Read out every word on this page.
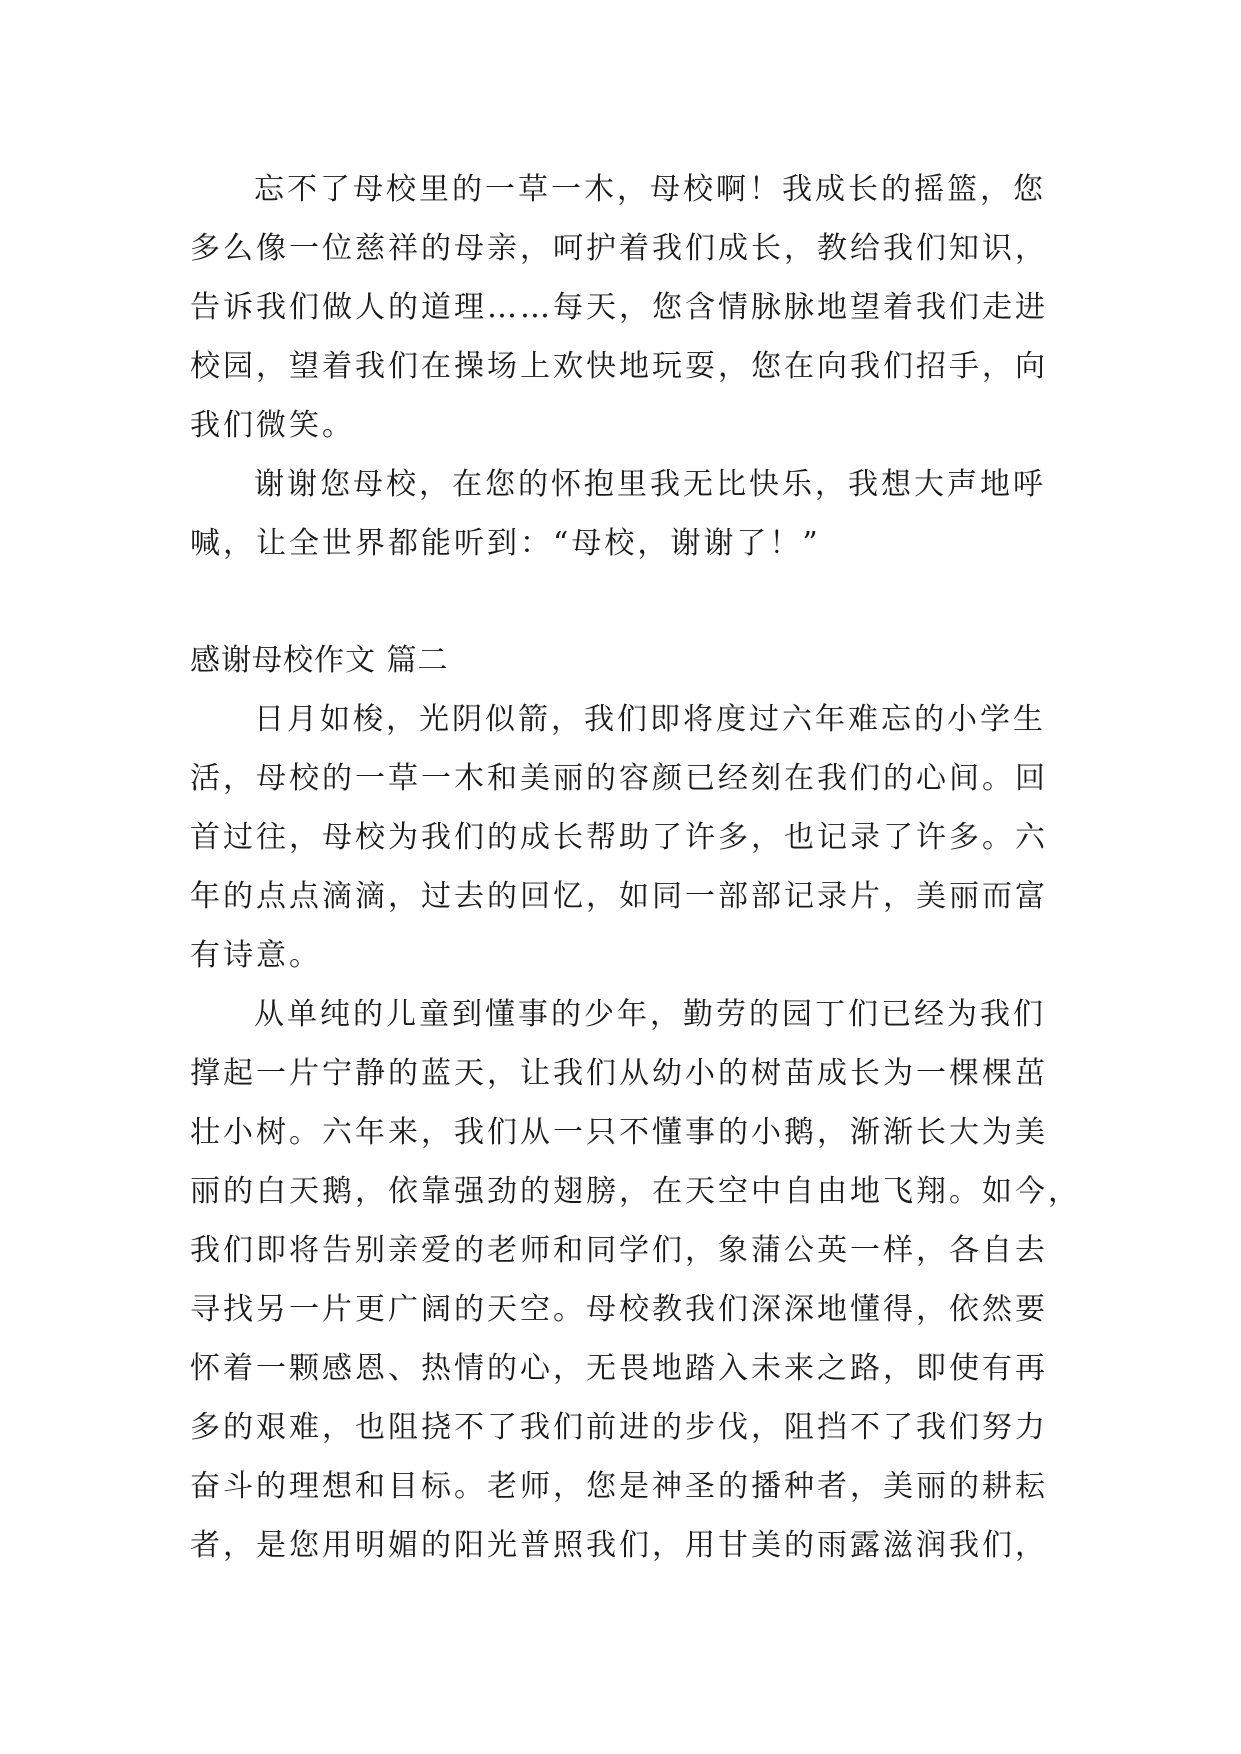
忘不了母校里的一草一木，母校啊！我成长的摇篮，您
多么像一位慈祥的母亲，呵护着我们成长，教给我们知识，
告诉我们做人的道理……每天，您含情脉脉地望着我们走进
校园，望着我们在操场上欢快地玩耍，您在向我们招手，向
我们微笑。
谢谢您母校，在您的怀抱里我无比快乐，我想大声地呼
喊，让全世界都能听到：“母校，谢谢了！”
感谢母校作文 篇二
日月如梭，光阴似箭，我们即将度过六年难忘的小学生
活，母校的一草一木和美丽的容颜已经刻在我们的心间。回
首过往，母校为我们的成长帮助了许多，也记录了许多。六
年的点点滴滴，过去的回忆，如同一部部记录片，美丽而富
有诗意。
从单纯的儿童到懂事的少年，勤劳的园丁们已经为我们
撑起一片宁静的蓝天，让我们从幼小的树苗成长为一棵棵茁
壮小树。六年来，我们从一只不懂事的小鹅，渐渐长大为美
丽的白天鹅，依靠强劲的翅膀，在天空中自由地飞翔。如今，
我们即将告别亲爱的老师和同学们，象蒲公英一样，各自去
寻找另一片更广阔的天空。母校教我们深深地懂得，依然要
怀着一颗感恩、热情的心，无畏地踏入未来之路，即使有再
多的艰难，也阻挠不了我们前进的步伐，阻挡不了我们努力
奋斗的理想和目标。老师，您是神圣的播种者，美丽的耕耘
者，是您用明媚的阳光普照我们，用甘美的雨露滋润我们，
